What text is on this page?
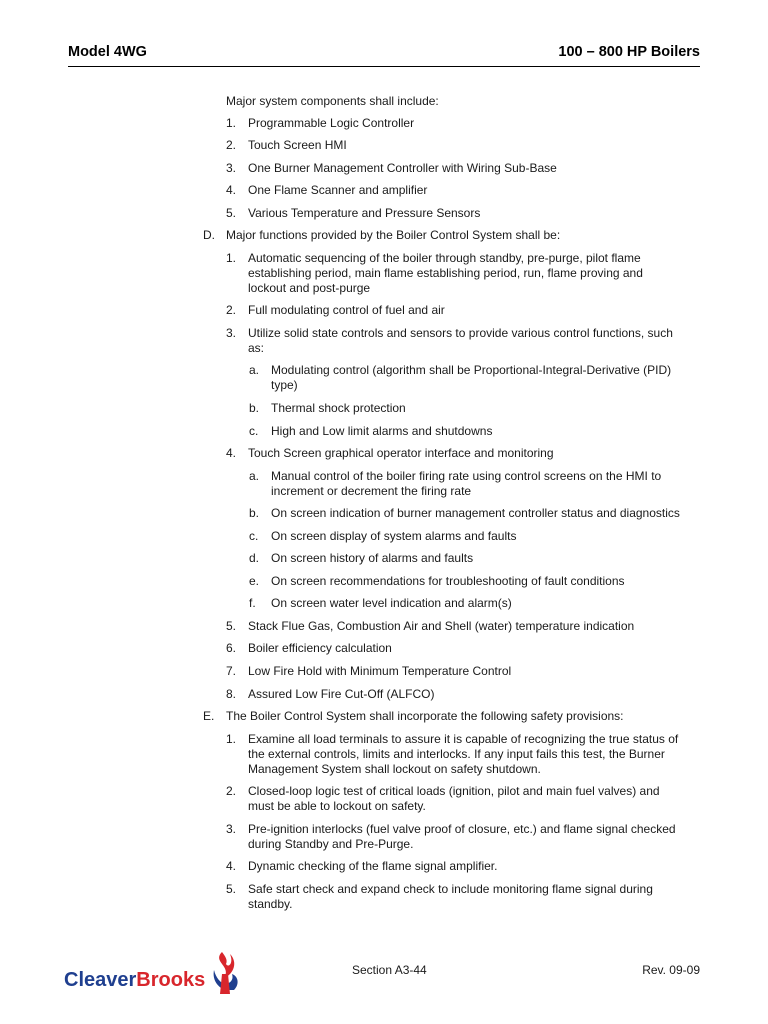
Model 4WG	100 – 800 HP Boilers
Major system components shall include:
1. Programmable Logic Controller
2. Touch Screen HMI
3. One Burner Management Controller with Wiring Sub-Base
4. One Flame Scanner and amplifier
5. Various Temperature and Pressure Sensors
D. Major functions provided by the Boiler Control System shall be:
1. Automatic sequencing of the boiler through standby, pre-purge, pilot flame
establishing period, main flame establishing period, run, flame proving and
lockout and post-purge
2. Full modulating control of fuel and air
3. Utilize solid state controls and sensors to provide various control functions, such
as:
a. Modulating control (algorithm shall be Proportional-Integral-Derivative (PID)
type)
b. Thermal shock protection
c.	High and Low limit alarms and shutdowns
4. Touch Screen graphical operator interface and monitoring
a. Manual control of the boiler firing rate using control screens on the HMI to
increment or decrement the firing rate
b. On screen indication of burner management controller status and diagnostics
c.	On screen display of system alarms and faults
d. On screen history of alarms and faults
e. On screen recommendations for troubleshooting of fault conditions
f.	On screen water level indication and alarm(s)
5. Stack Flue Gas, Combustion Air and Shell (water) temperature indication
6. Boiler efficiency calculation
7. Low Fire Hold with Minimum Temperature Control
8. Assured Low Fire Cut-Off (ALFCO)
E. The Boiler Control System shall incorporate the following safety provisions:
1. Examine all load terminals to assure it is capable of recognizing the true status of
the external controls, limits and interlocks. If any input fails this test, the Burner
Management System shall lockout on safety shutdown.
2. Closed-loop logic test of critical loads (ignition, pilot and main fuel valves) and
must be able to lockout on safety.
3. Pre-ignition interlocks (fuel valve proof of closure, etc.) and flame signal checked
during Standby and Pre-Purge.
4. Dynamic checking of the flame signal amplifier.
5. Safe start check and expand check to include monitoring flame signal during
standby.
CleaverBrooks	Section A3-44	Rev. 09-09
